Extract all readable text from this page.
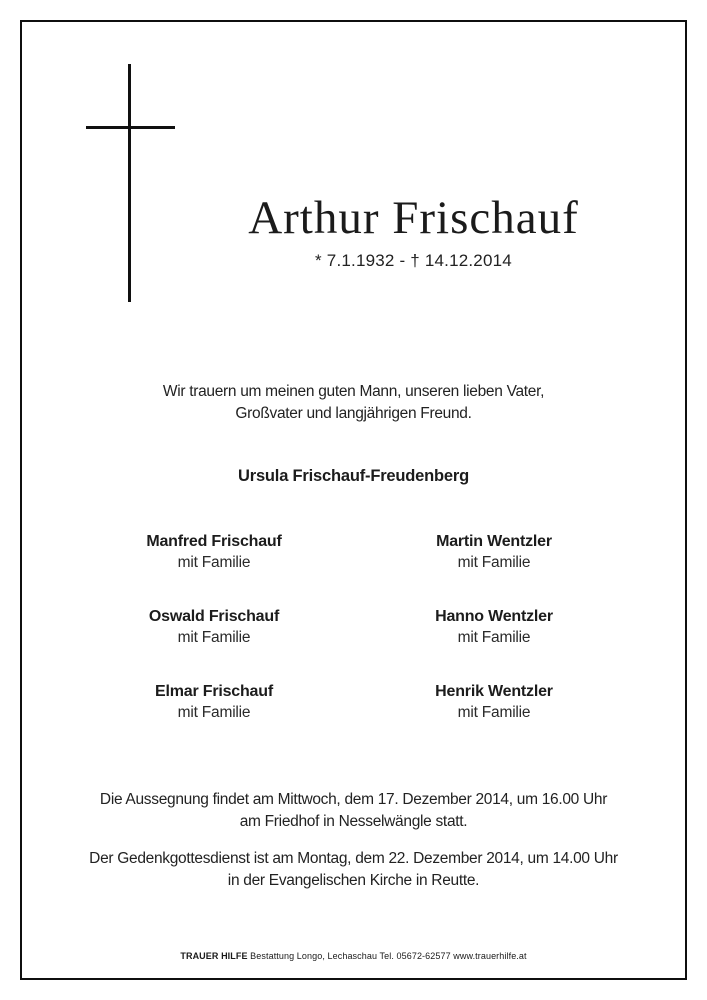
Arthur Frischauf
* 7.1.1932 - † 14.12.2014
Wir trauern um meinen guten Mann, unseren lieben Vater,
Großvater und langjährigen Freund.
Ursula Frischauf-Freudenberg
Manfred Frischauf
mit Familie
Martin Wentzler
mit Familie
Oswald Frischauf
mit Familie
Hanno Wentzler
mit Familie
Elmar Frischauf
mit Familie
Henrik Wentzler
mit Familie
Die Aussegnung findet am Mittwoch, dem 17. Dezember 2014, um 16.00 Uhr
am Friedhof in Nesselwängle statt.
Der Gedenkgottesdienst ist am Montag, dem 22. Dezember 2014, um 14.00 Uhr
in der Evangelischen Kirche in Reutte.
TRAUER HILFE Bestattung Longo, Lechaschau Tel. 05672-62577 www.trauerhilfe.at
